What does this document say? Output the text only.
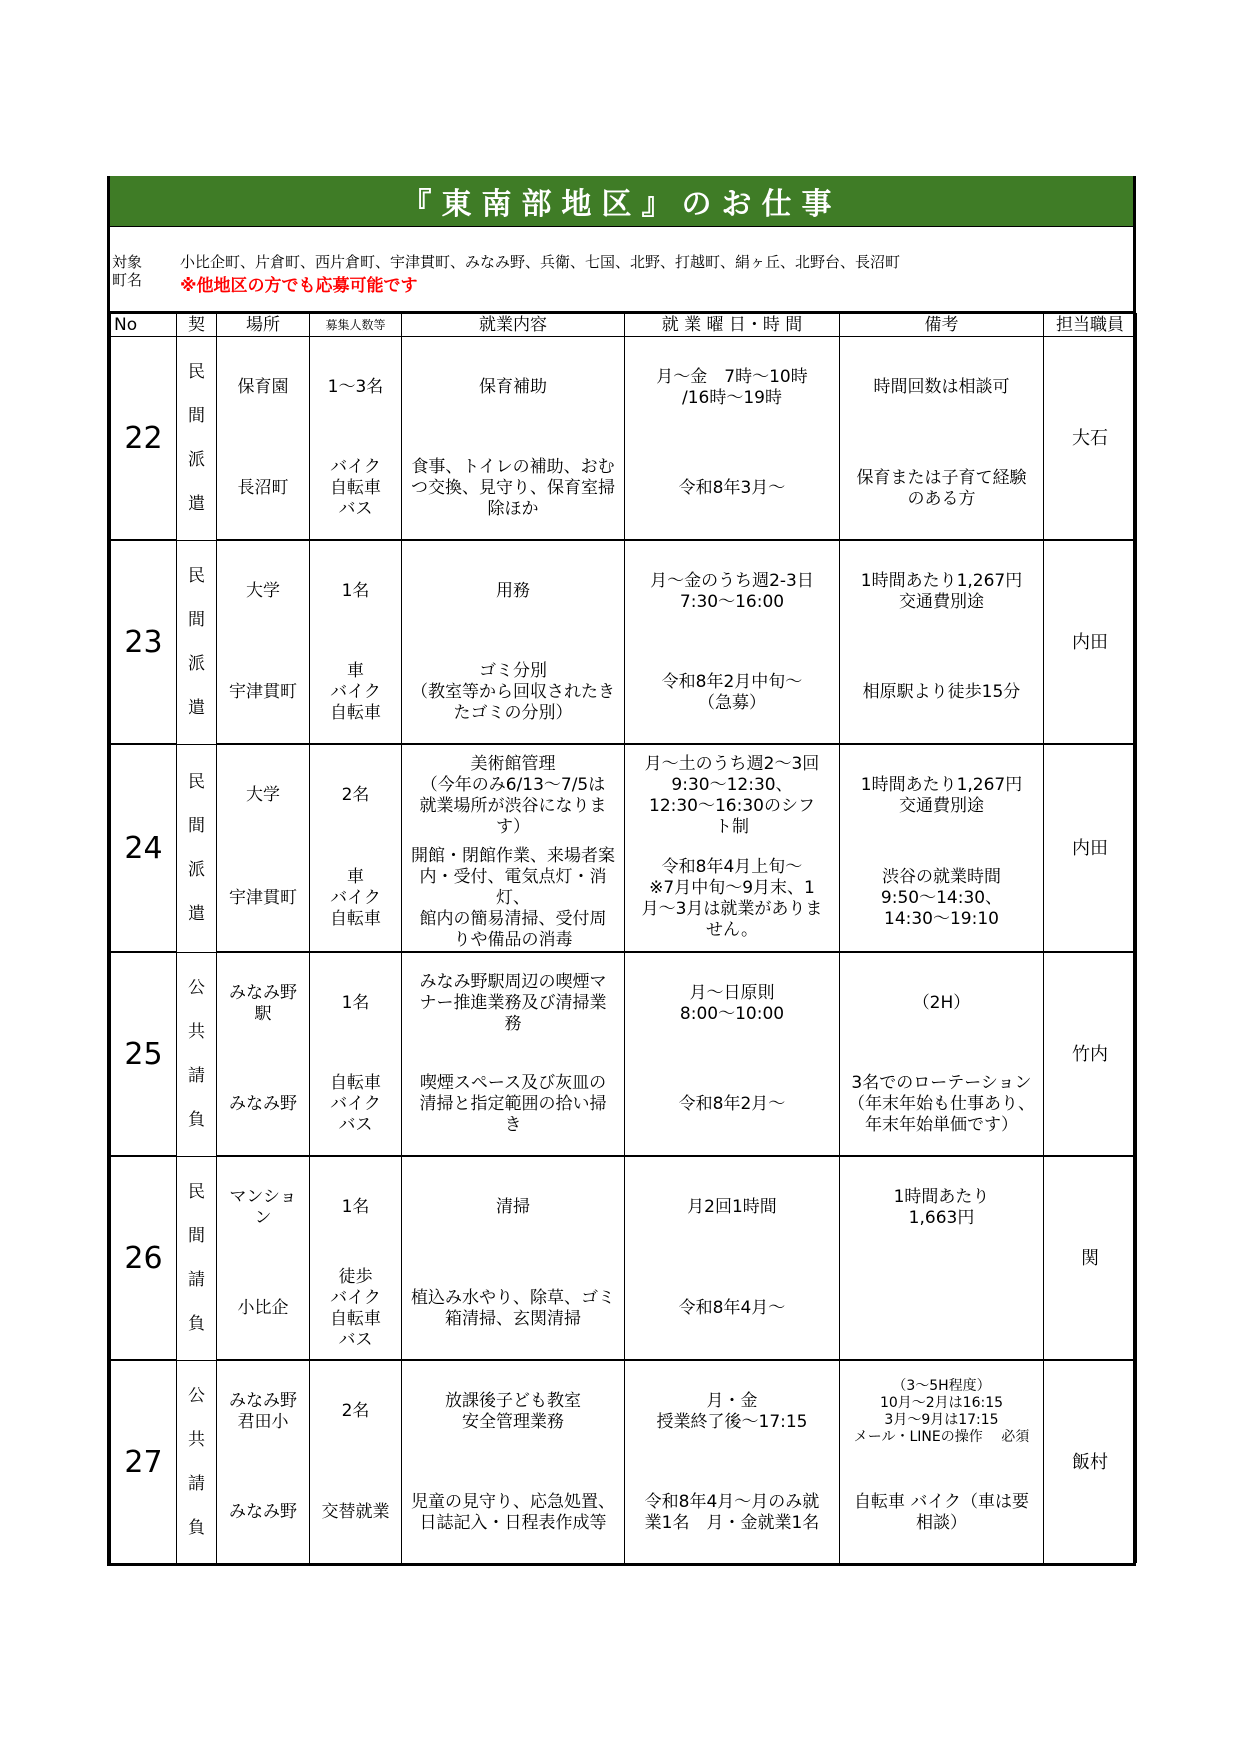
『東南部地区』のお仕事
対象
町名
小比企町、片倉町、西片倉町、宇津貫町、みなみ野、兵衛、七国、北野、打越町、絹ヶ丘、北野台、長沼町
※他地区の方でも応募可能です
No	契	場所	募集人数等	就業内容	就 業 曜 日・時 間	備考	担当職員
22	民
間
派
遣	保育園	1～3名	保育補助	月～金　7時～10時
/16時～19時	時間回数は相談可	大石
		長沼町	バイク
自転車
バス	食事、トイレの補助、おむ
つ交換、見守り、保育室掃
除ほか	令和8年3月～	保育または子育て経験
のある方	
23	民
間
派
遣	大学	1名	用務	月～金のうち週2-3日
7:30～16:00	1時間あたり1,267円
交通費別途	内田
		宇津貫町	車
バイク
自転車	ゴミ分別
（教室等から回収されたき
たゴミの分別）	令和8年2月中旬～
（急募）	相原駅より徒歩15分	
24	民
間
派
遣	大学	2名	美術館管理
（今年のみ6/13～7/5は
就業場所が渋谷になりま
す）	月～土のうち週2～3回
9:30～12:30、
12:30～16:30のシフ
ト制	1時間あたり1,267円
交通費別途	内田
		宇津貫町	車
バイク
自転車	開館・閉館作業、来場者案
内・受付、電気点灯・消灯、
館内の簡易清掃、受付周
りや備品の消毒	令和8年4月上旬～
※7月中旬～9月末、1
月～3月は就業がありま
せん。	渋谷の就業時間
9:50～14:30、
14:30～19:10	
25	公
共
請
負	みなみ野
駅	1名	みなみ野駅周辺の喫煙マ
ナー推進業務及び清掃業
務	月～日原則
8:00～10:00	（2H）	竹内
		みなみ野	自転車
バイク
バス	喫煙スペース及び灰皿の
清掃と指定範囲の拾い掃
き	令和8年2月～	3名でのローテーション
（年末年始も仕事あり、
年末年始単価です）	
26	民
間
請
負	マンション	1名	清掃	月2回1時間	1時間あたり
1,663円	関
		小比企	徒歩
バイク
自転車
バス	植込み水やり、除草、ゴミ
箱清掃、玄関清掃	令和8年4月～		
27	公
共
請
負	みなみ野
君田小	2名	放課後子ども教室
安全管理業務	月・金
授業終了後～17:15	（3～5H程度）
10月～2月は16:15
3月～9月は17:15
メール・LINEの操作　 必須	飯村
		みなみ野	交替就業	児童の見守り、応急処置、
日誌記入・日程表作成等	令和8年4月～月のみ就
業1名　月・金就業1名	自転車 バイク（車は要
相談）	
